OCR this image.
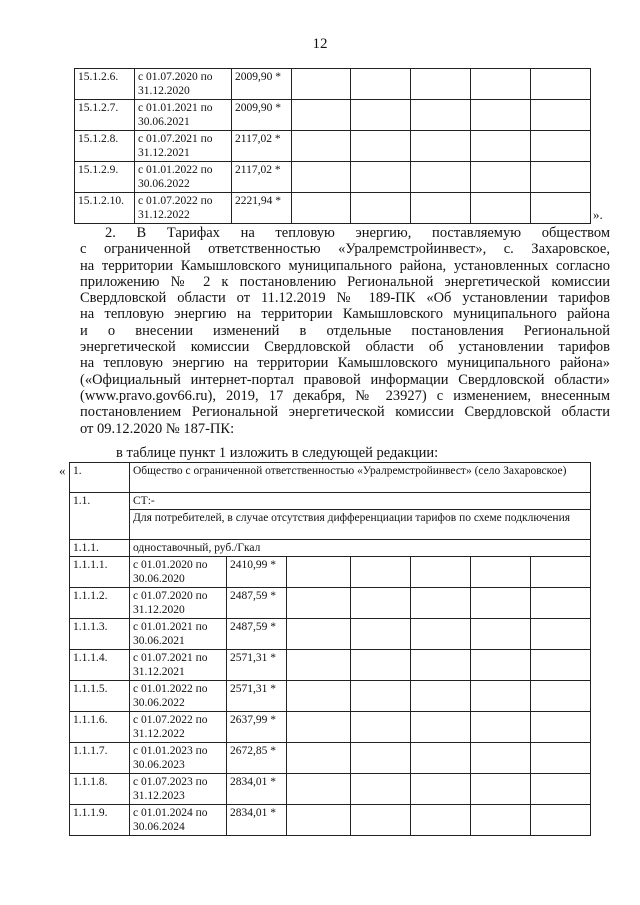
12
15.1.2.6.	с 01.07.2020 по 31.12.2020	2009,90 *					
15.1.2.7.	с 01.01.2021 по 30.06.2021	2009,90 *					
15.1.2.8.	с 01.07.2021 по 31.12.2021	2117,02 *					
15.1.2.9.	с 01.01.2022 по 30.06.2022	2117,02 *					
15.1.2.10.	с 01.07.2022 по 31.12.2022	2221,94 *					
».
2. В Тарифах на тепловую энергию, поставляемую обществом
с ограниченной ответственностью «Уралремстройинвест», с. Захаровское,
на территории Камышловского муниципального района, установленных согласно
приложению № 2 к постановлению Региональной энергетической комиссии
Свердловской области от 11.12.2019 № 189-ПК «Об установлении тарифов
на тепловую энергию на территории Камышловского муниципального района
и о внесении изменений в отдельные постановления Региональной
энергетической комиссии Свердловской области об установлении тарифов
на тепловую энергию на территории Камышловского муниципального района»
(«Официальный интернет-портал правовой информации Свердловской области»
(www.pravo.gov66.ru), 2019, 17 декабря, № 23927) с изменением, внесенным
постановлением Региональной энергетической комиссии Свердловской области
от 09.12.2020 № 187-ПК:
в таблице пункт 1 изложить в следующей редакции:
« 1.	Общество с ограниченной ответственностью «Уралремстройинвест» (село Захаровское)						
1.1.	СТ:-						
	Для потребителей, в случае отсутствия дифференциации тарифов по схеме подключения						
1.1.1.	одноставочный, руб./Гкал						
1.1.1.1.	с 01.01.2020 по 30.06.2020	2410,99 *					
1.1.1.2.	с 01.07.2020 по 31.12.2020	2487,59 *					
1.1.1.3.	с 01.01.2021 по 30.06.2021	2487,59 *					
1.1.1.4.	с 01.07.2021 по 31.12.2021	2571,31 *					
1.1.1.5.	с 01.01.2022 по 30.06.2022	2571,31 *					
1.1.1.6.	с 01.07.2022 по 31.12.2022	2637,99 *					
1.1.1.7.	с 01.01.2023 по 30.06.2023	2672,85 *					
1.1.1.8.	с 01.07.2023 по 31.12.2023	2834,01 *					
1.1.1.9.	с 01.01.2024 по 30.06.2024	2834,01 *					
